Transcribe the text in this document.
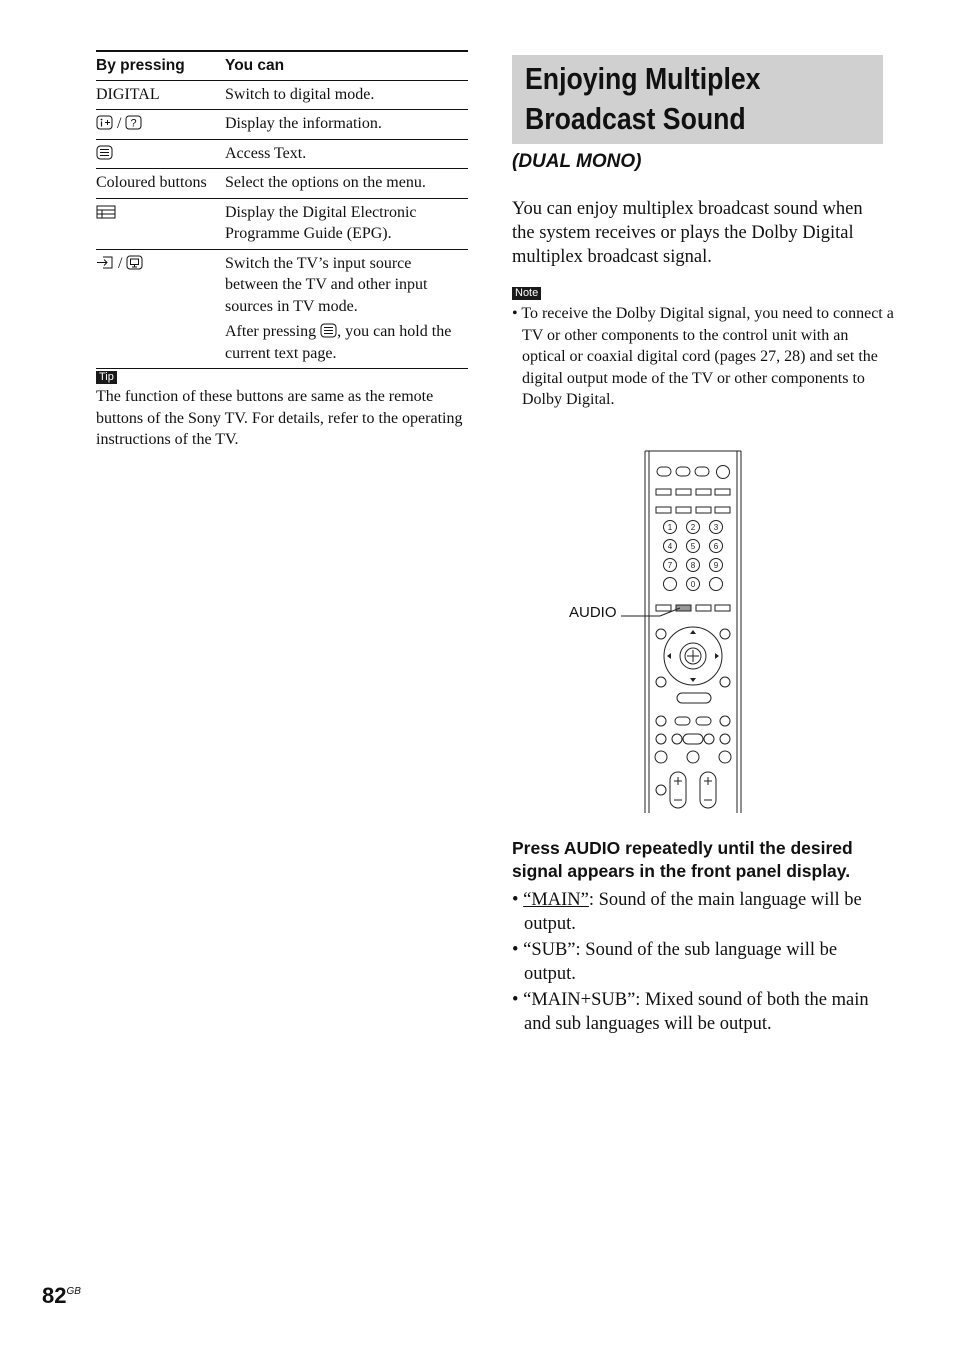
By pressing	You can
DIGITAL	Switch to digital mode.
/ ?	Display the information.
	Access Text.
Coloured buttons	Select the options on the menu.
	Display the Digital Electronic Programme Guide (EPG).
/	Switch the TV’s input source between the TV and other input sources in TV mode.

After pressing , you can hold the current text page.

Tip

The function of these buttons are same as the remote buttons of the Sony TV. For details, refer to the operating instructions of the TV.

Enjoying Multiplex
Broadcast Sound
(DUAL MONO)

You can enjoy multiplex broadcast sound when the system receives or plays the Dolby Digital multiplex broadcast signal.

Note

• To receive the Dolby Digital signal, you need to connect a TV or other components to the control unit with an optical or coaxial digital cord (pages 27, 28) and set the digital output mode of the TV or other components to Dolby Digital.

1 2 3
4 5 6
7 8 9
0
AUDIO

Press AUDIO repeatedly until the desired signal appears in the front panel display.

• “MAIN”: Sound of the main language will be output.
• “SUB”: Sound of the sub language will be output.
• “MAIN+SUB”: Mixed sound of both the main and sub languages will be output.
$82^{GB}$
